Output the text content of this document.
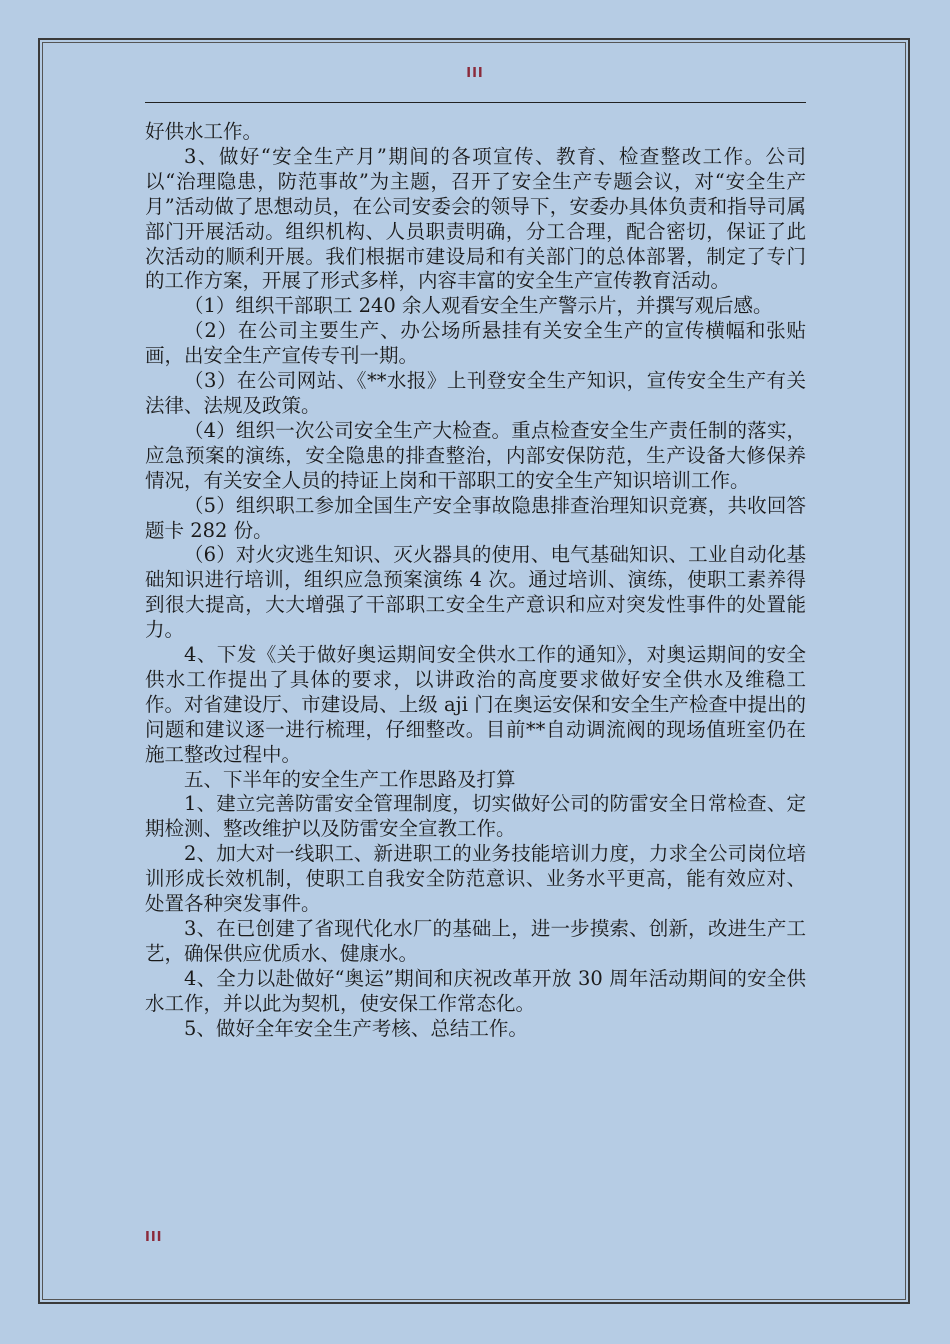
III

好供水工作。

3、做好“安全生产月”期间的各项宣传、教育、检查整改工作。公司以“治理隐患，防范事故”为主题，召开了安全生产专题会议，对“安全生产月”活动做了思想动员，在公司安委会的领导下，安委办具体负责和指导司属部门开展活动。组织机构、人员职责明确，分工合理，配合密切，保证了此次活动的顺利开展。我们根据市建设局和有关部门的总体部署，制定了专门的工作方案，开展了形式多样，内容丰富的安全生产宣传教育活动。

（1）组织干部职工 240 余人观看安全生产警示片，并撰写观后感。

（2）在公司主要生产、办公场所悬挂有关安全生产的宣传横幅和张贴画，出安全生产宣传专刊一期。

（3）在公司网站、《**水报》上刊登安全生产知识，宣传安全生产有关法律、法规及政策。

（4）组织一次公司安全生产大检查。重点检查安全生产责任制的落实，应急预案的演练，安全隐患的排查整治，内部安保防范，生产设备大修保养情况，有关安全人员的持证上岗和干部职工的安全生产知识培训工作。

（5）组织职工参加全国生产安全事故隐患排查治理知识竞赛，共收回答题卡 282 份。

（6）对火灾逃生知识、灭火器具的使用、电气基础知识、工业自动化基础知识进行培训，组织应急预案演练 4 次。通过培训、演练，使职工素养得到很大提高，大大增强了干部职工安全生产意识和应对突发性事件的处置能力。

4、下发《关于做好奥运期间安全供水工作的通知》，对奥运期间的安全供水工作提出了具体的要求，以讲政治的高度要求做好安全供水及维稳工作。对省建设厅、市建设局、上级 aji 门在奥运安保和安全生产检查中提出的问题和建议逐一进行梳理，仔细整改。目前**自动调流阀的现场值班室仍在施工整改过程中。

五、下半年的安全生产工作思路及打算

1、建立完善防雷安全管理制度，切实做好公司的防雷安全日常检查、定期检测、整改维护以及防雷安全宣教工作。

2、加大对一线职工、新进职工的业务技能培训力度，力求全公司岗位培训形成长效机制，使职工自我安全防范意识、业务水平更高，能有效应对、处置各种突发事件。

3、在已创建了省现代化水厂的基础上，进一步摸索、创新，改进生产工艺，确保供应优质水、健康水。

4、全力以赴做好“奥运”期间和庆祝改革开放 30 周年活动期间的安全供水工作，并以此为契机，使安保工作常态化。

5、做好全年安全生产考核、总结工作。

III
